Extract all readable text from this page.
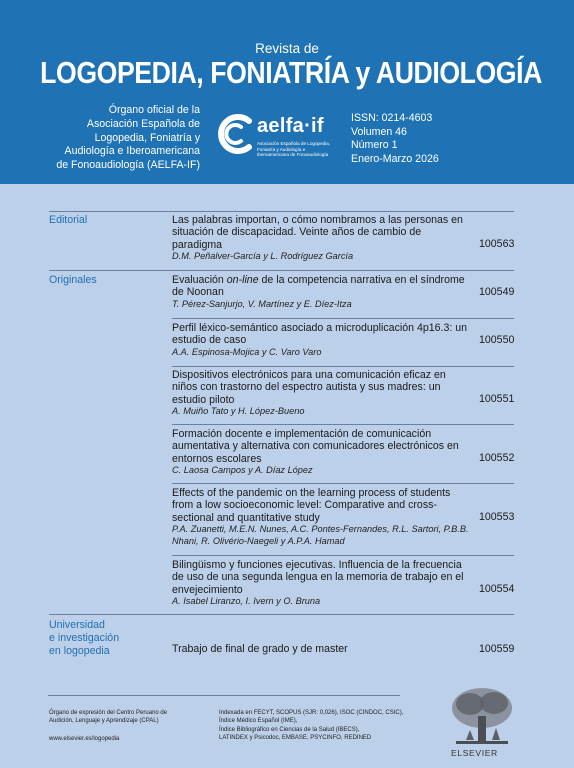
Revista de
LOGOPEDIA, FONIATRÍA y AUDIOLOGÍA
Órgano oficial de la
Asociación Española de
Logopedia, Foniatría y
Audiología e Iberoamericana
de Fonoaudiología (AELFA-IF)
aelfa·if
Asociación Española de Logopedia,
Foniatría y Audiología e
Iberoamericana de Fonoaudiología
ISSN: 0214-4603
Volumen 46
Número 1
Enero-Marzo 2026
Editorial	Las palabras importan, o cómo nombramos a las personas en situación de discapacidad. Veinte años de cambio de paradigma
D.M. Peñalver-García y L. Rodríguez García
100563
Originales	Evaluación on-line de la competencia narrativa en el síndrome de Noonan
T. Pérez-Sanjurjo, V. Martínez y E. Díez-Itza
100549
Perfil léxico-semántico asociado a microduplicación 4p16.3: un estudio de caso
A.A. Espinosa-Mojica y C. Varo Varo
100550
Dispositivos electrónicos para una comunicación eficaz en niños con trastorno del espectro autista y sus madres: un estudio piloto
A. Muiño Tato y H. López-Bueno
100551
Formación docente e implementación de comunicación aumentativa y alternativa con comunicadores electrónicos en entornos escolares
C. Laosa Campos y A. Díaz López
100552
Effects of the pandemic on the learning process of students from a low socioeconomic level: Comparative and cross-sectional and quantitative study
P.A. Zuanetti, M.E.N. Nunes, A.C. Pontes-Fernandes, R.L. Sartori, P.B.B. Nhani, R. Olivério-Naegeli y A.P.A. Hamad
100553
Bilingüismo y funciones ejecutivas. Influencia de la frecuencia de uso de una segunda lengua en la memoria de trabajo en el envejecimiento
A. Isabel Liranzo, I. Ivern y O. Bruna
100554
Universidad
e investigación
en logopedia	Trabajo de final de grado y de master	100559
Órgano de expresión del Centro Peruano de
Audición, Lenguaje y Aprendizaje (CPAL)
www.elsevier.es/logopedia
Indexada en FECYT, SCOPUS (SJR: 0,026), ISOC (CINDOC, CSIC),
Índice Médico Español (IME),
Índice Bibliográfico en Ciencias de la Salud (IBECS),
LATINDEX y Psicodoc, EMBASE, PSYCINFO, REDINED
ELSEVIER
